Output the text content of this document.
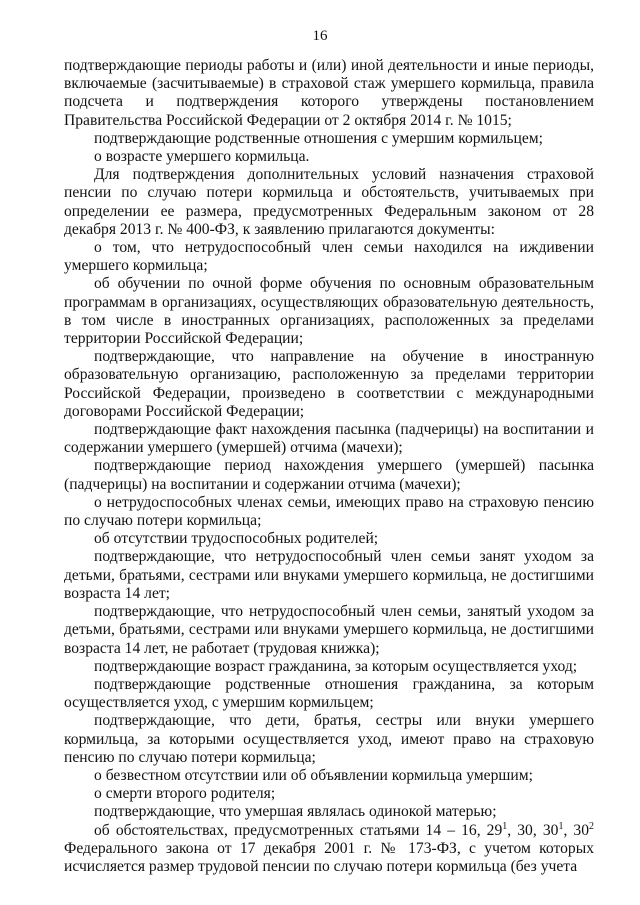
16

подтверждающие периоды работы и (или) иной деятельности и иные периоды, включаемые (засчитываемые) в страховой стаж умершего кормильца, правила подсчета и подтверждения которого утверждены постановлением Правительства Российской Федерации от 2 октября 2014 г. № 1015;

подтверждающие родственные отношения с умершим кормильцем;

о возрасте умершего кормильца.

Для подтверждения дополнительных условий назначения страховой пенсии по случаю потери кормильца и обстоятельств, учитываемых при определении ее размера, предусмотренных Федеральным законом от 28 декабря 2013 г. № 400-ФЗ, к заявлению прилагаются документы:

о том, что нетрудоспособный член семьи находился на иждивении умершего кормильца;

об обучении по очной форме обучения по основным образовательным программам в организациях, осуществляющих образовательную деятельность, в том числе в иностранных организациях, расположенных за пределами территории Российской Федерации;

подтверждающие, что направление на обучение в иностранную образовательную организацию, расположенную за пределами территории Российской Федерации, произведено в соответствии с международными договорами Российской Федерации;

подтверждающие факт нахождения пасынка (падчерицы) на воспитании и содержании умершего (умершей) отчима (мачехи);

подтверждающие период нахождения умершего (умершей) пасынка (падчерицы) на воспитании и содержании отчима (мачехи);

о нетрудоспособных членах семьи, имеющих право на страховую пенсию по случаю потери кормильца;

об отсутствии трудоспособных родителей;

подтверждающие, что нетрудоспособный член семьи занят уходом за детьми, братьями, сестрами или внуками умершего кормильца, не достигшими возраста 14 лет;

подтверждающие, что нетрудоспособный член семьи, занятый уходом за детьми, братьями, сестрами или внуками умершего кормильца, не достигшими возраста 14 лет, не работает (трудовая книжка);

подтверждающие возраст гражданина, за которым осуществляется уход;

подтверждающие родственные отношения гражданина, за которым осуществляется уход, с умершим кормильцем;

подтверждающие, что дети, братья, сестры или внуки умершего кормильца, за которыми осуществляется уход, имеют право на страховую пенсию по случаю потери кормильца;

о безвестном отсутствии или об объявлении кормильца умершим;

о смерти второго родителя;

подтверждающие, что умершая являлась одинокой матерью;

об обстоятельствах, предусмотренных статьями 14 – 16, $29^1$, 30, $30^1$, $30^2$ Федерального закона от 17 декабря 2001 г. № 173-ФЗ, с учетом которых исчисляется размер трудовой пенсии по случаю потери кормильца (без учета
